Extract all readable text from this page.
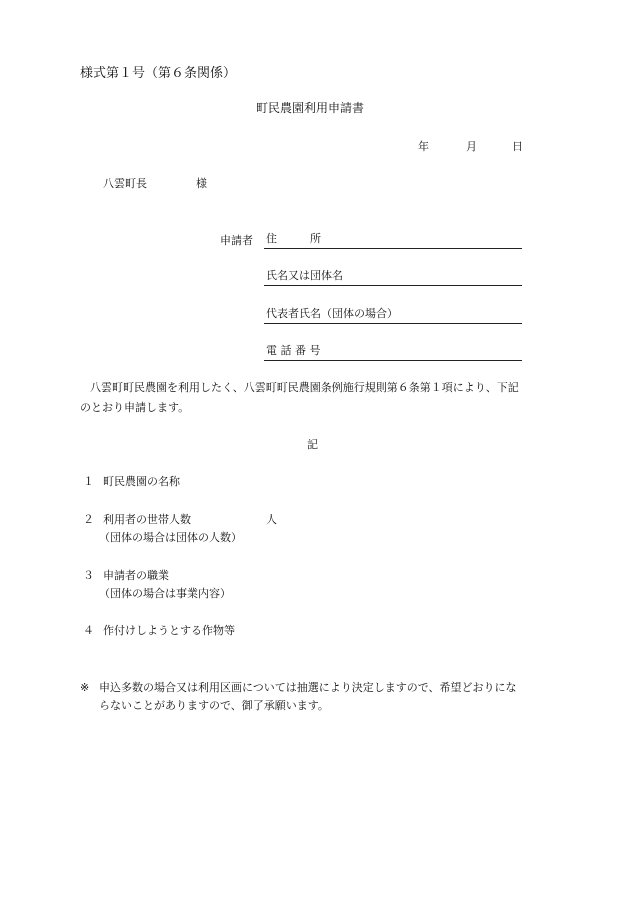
様式第１号（第６条関係）
町民農園利用申請書
年	月	日
八雲町長	様
申請者 住　　　所
氏名又は団体名
代表者氏名（団体の場合）
電 話 番 号
八雲町町民農園を利用したく、八雲町町民農園条例施行規則第６条第１項により、下記
のとおり申請します。
記
１ 町民農園の名称
２ 利用者の世帯人数	人
（団体の場合は団体の人数）
３ 申請者の職業
（団体の場合は事業内容）
４ 作付けしようとする作物等
※ 申込多数の場合又は利用区画については抽選により決定しますので、希望どおりにな
らないことがありますので、御了承願います。
